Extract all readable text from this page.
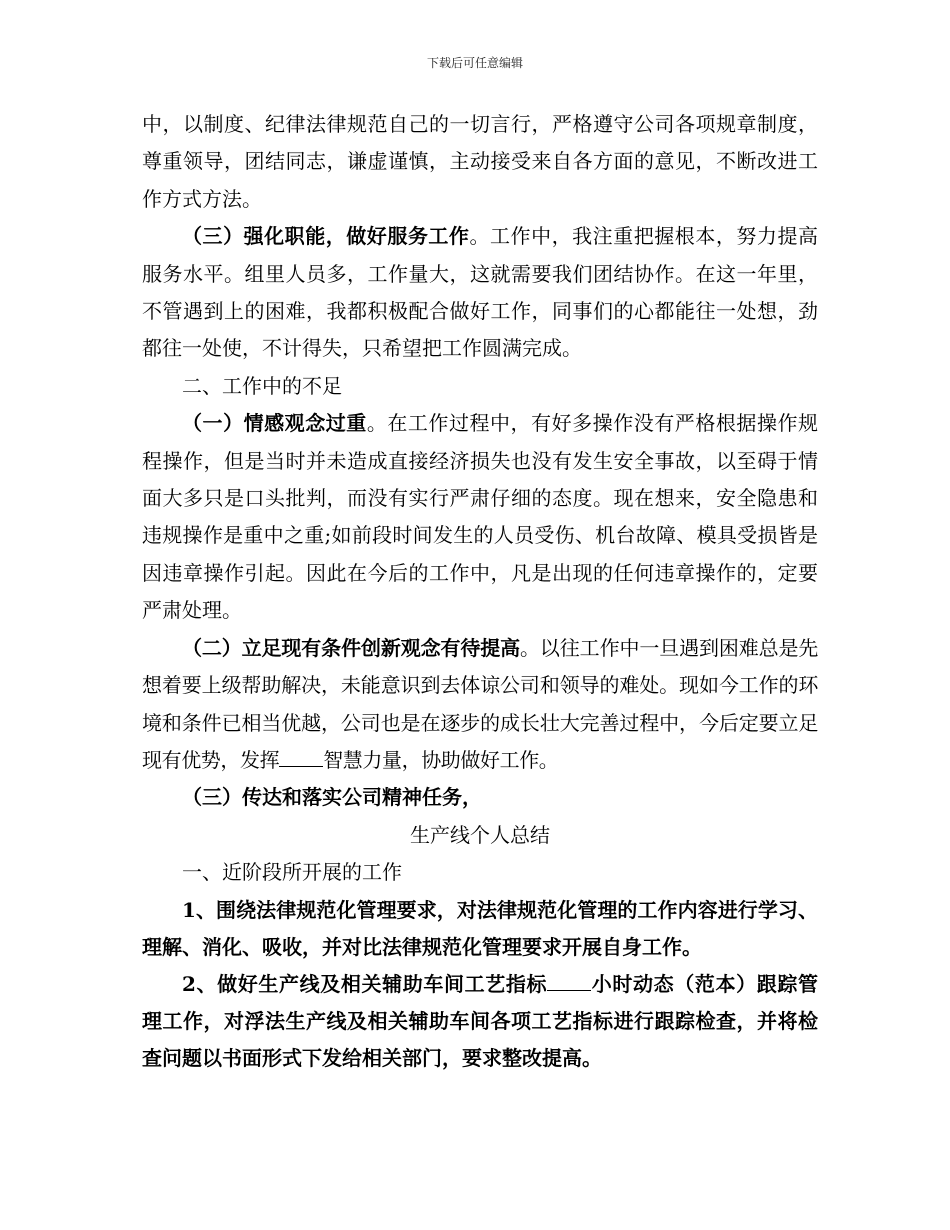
下载后可任意编辑

中，以制度、纪律法律规范自己的一切言行，严格遵守公司各项规章制度，尊重领导，团结同志，谦虚谨慎，主动接受来自各方面的意见，不断改进工作方式方法。

（三）强化职能，做好服务工作。工作中，我注重把握根本，努力提高服务水平。组里人员多，工作量大，这就需要我们团结协作。在这一年里，不管遇到上的困难，我都积极配合做好工作，同事们的心都能往一处想，劲都往一处使，不计得失，只希望把工作圆满完成。

二、工作中的不足

（一）情感观念过重。在工作过程中，有好多操作没有严格根据操作规程操作，但是当时并未造成直接经济损失也没有发生安全事故，以至碍于情面大多只是口头批判，而没有实行严肃仔细的态度。现在想来，安全隐患和违规操作是重中之重;如前段时间发生的人员受伤、机台故障、模具受损皆是因违章操作引起。因此在今后的工作中，凡是出现的任何违章操作的，定要严肃处理。

（二）立足现有条件创新观念有待提高。以往工作中一旦遇到困难总是先想着要上级帮助解决，未能意识到去体谅公司和领导的难处。现如今工作的环境和条件已相当优越，公司也是在逐步的成长壮大完善过程中，今后定要立足现有优势，发挥 智慧力量，协助做好工作。

（三）传达和落实公司精神任务，

生产线个人总结

一、近阶段所开展的工作

1、围绕法律规范化管理要求，对法律规范化管理的工作内容进行学习、理解、消化、吸收，并对比法律规范化管理要求开展自身工作。

2、做好生产线及相关辅助车间工艺指标 小时动态（范本）跟踪管理工作，对浮法生产线及相关辅助车间各项工艺指标进行跟踪检查，并将检查问题以书面形式下发给相关部门，要求整改提高。
